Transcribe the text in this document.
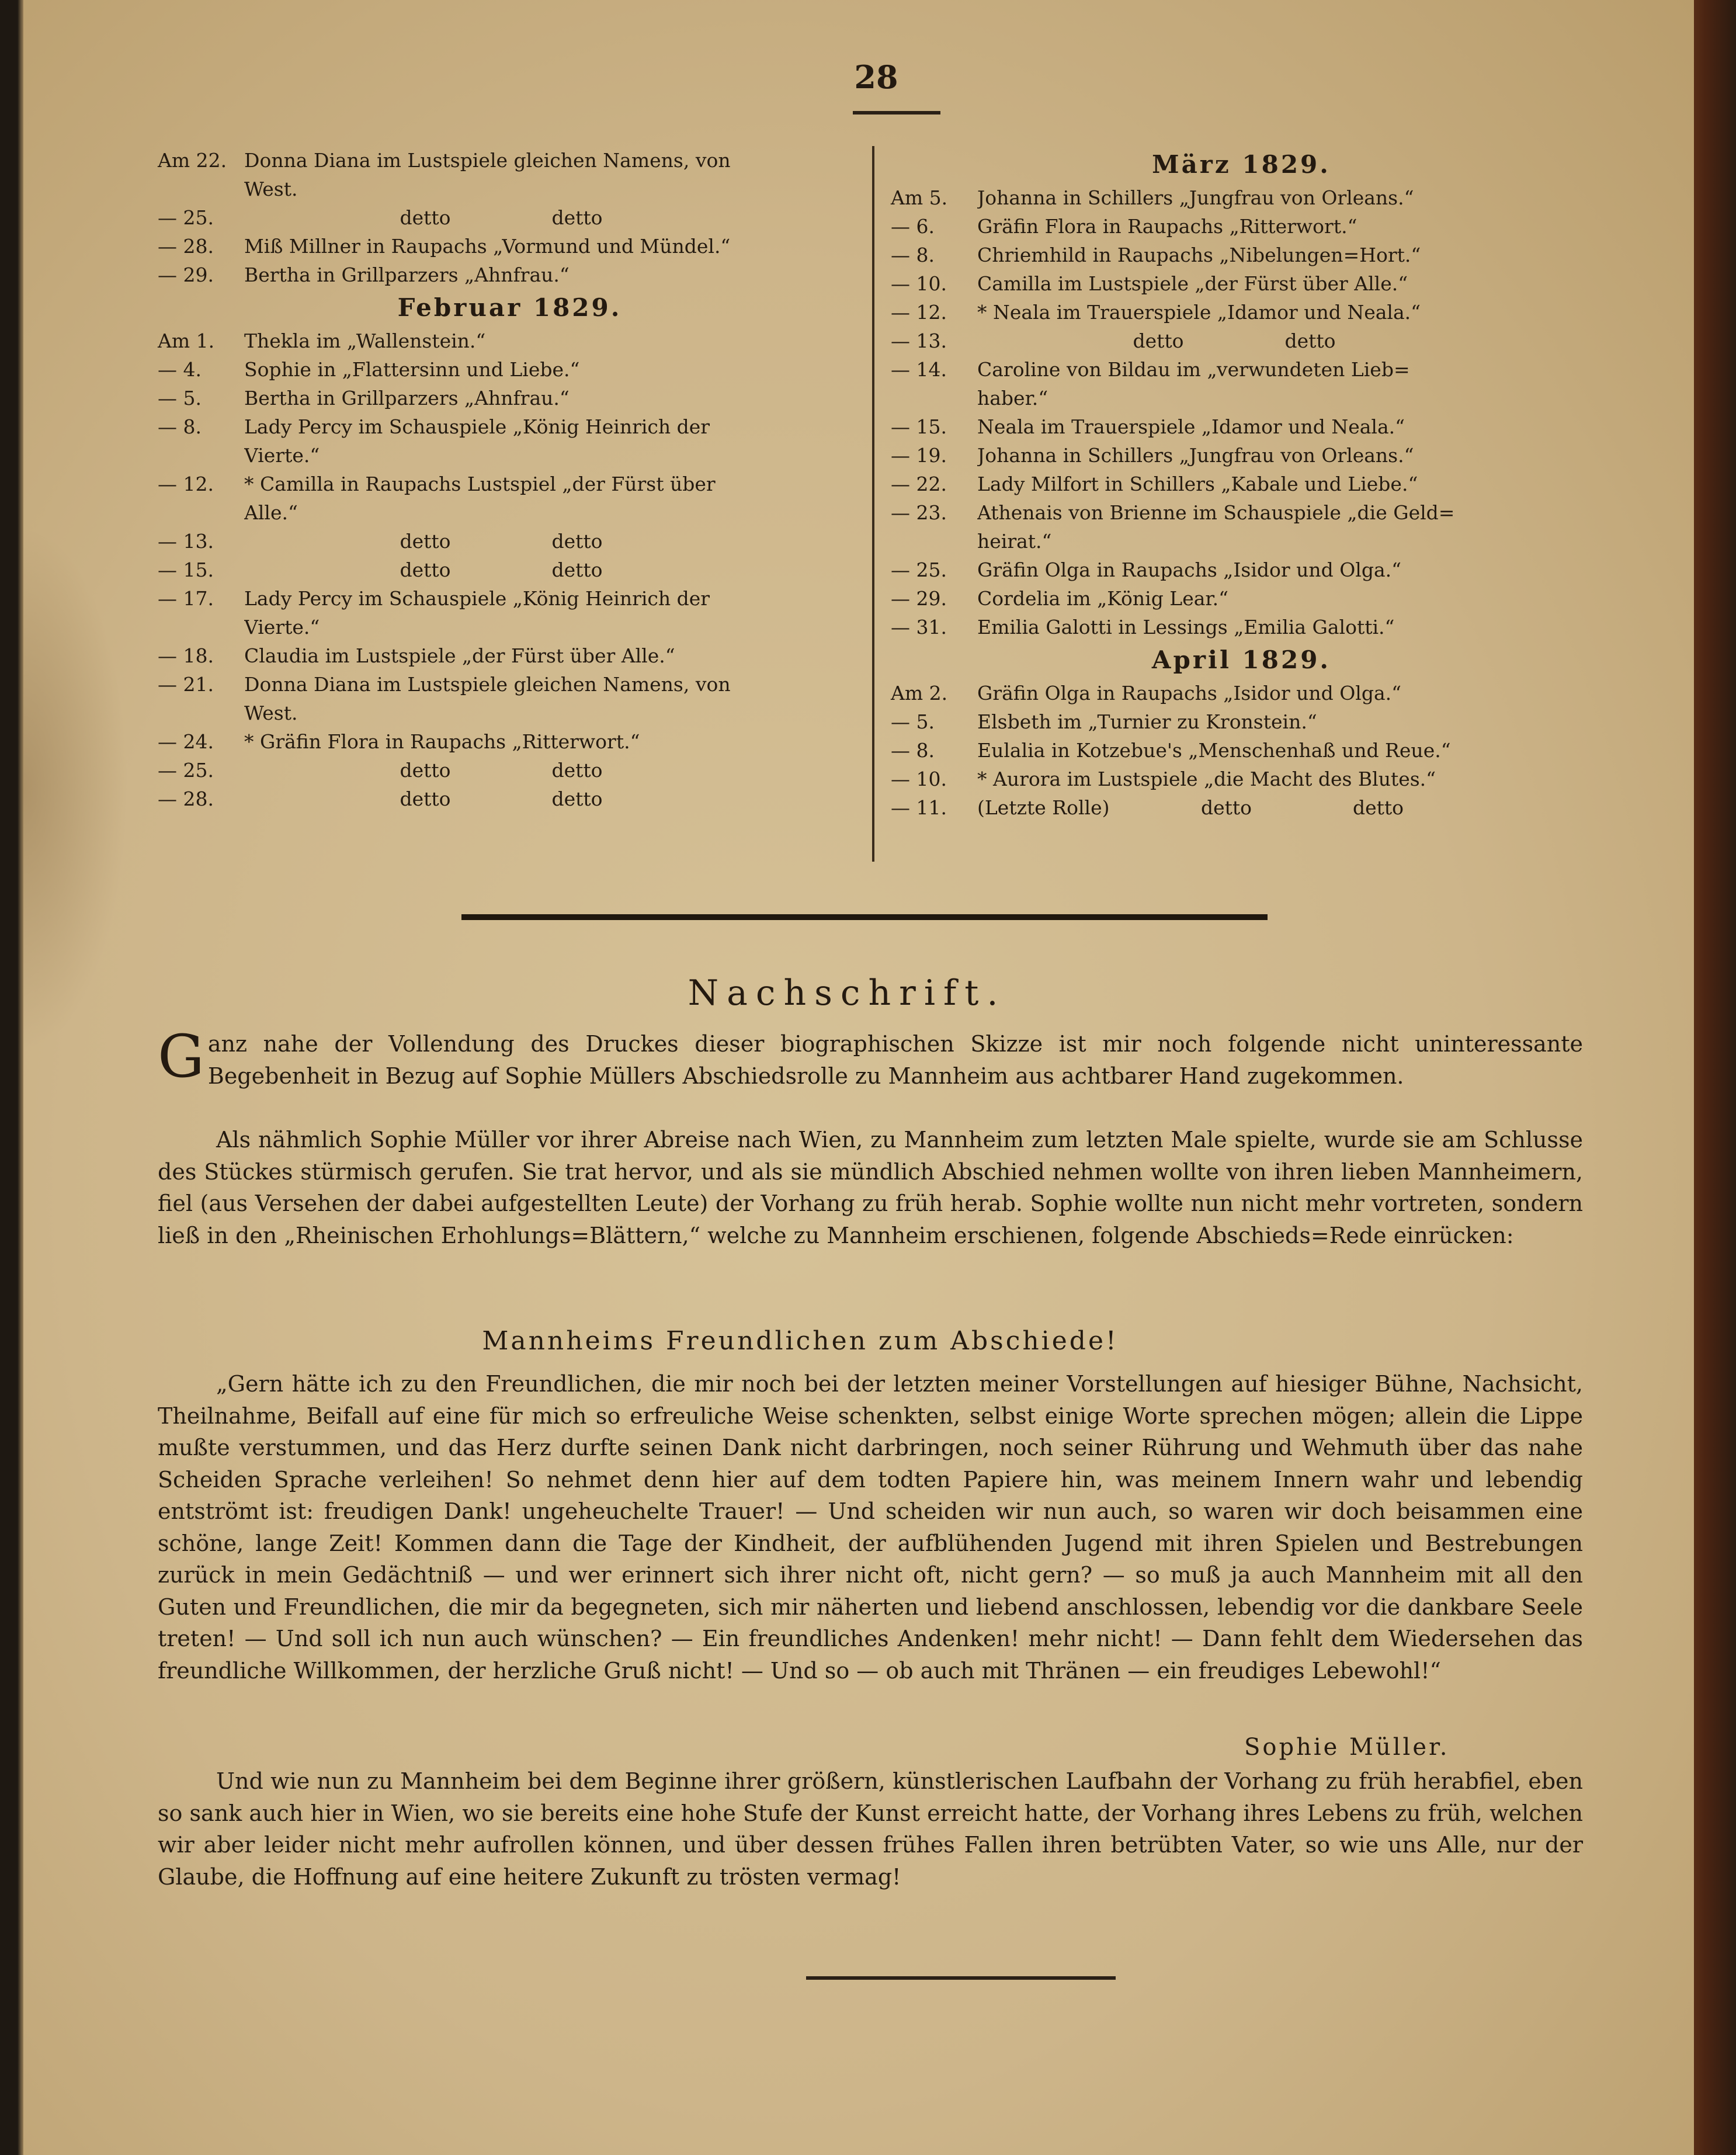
28
Am 22. Donna Diana im Lustspiele gleichen Namens, von
West.
— 25.	detto	detto
— 28.	Miß Millner in Raupachs „Vormund und Mündel.“
— 29.	Bertha in Grillparzers „Ahnfrau.“
Februar 1829.
Am 1.	Thekla im „Wallenstein.“
— 4.	Sophie in „Flattersinn und Liebe.“
— 5.	Bertha in Grillparzers „Ahnfrau.“
— 8.	Lady Percy im Schauspiele „König Heinrich der
Vierte.“
— 12.	* Camilla in Raupachs Lustspiel „der Fürst über
Alle.“
— 13.	detto	detto
— 15.	detto	detto
— 17.	Lady Percy im Schauspiele „König Heinrich der
Vierte.“
— 18.	Claudia im Lustspiele „der Fürst über Alle.“
— 21.	Donna Diana im Lustspiele gleichen Namens, von
West.
— 24.	* Gräfin Flora in Raupachs „Ritterwort.“
— 25.	detto	detto
— 28.	detto	detto
März 1829.
Am 5.	Johanna in Schillers „Jungfrau von Orleans.“
— 6.	Gräfin Flora in Raupachs „Ritterwort.“
— 8.	Chriemhild in Raupachs „Nibelungen=Hort.“
— 10.	Camilla im Lustspiele „der Fürst über Alle.“
— 12.	* Neala im Trauerspiele „Idamor und Neala.“
— 13.	detto	detto
— 14.	Caroline von Bildau im „verwundeten Lieb=
haber.“
— 15.	Neala im Trauerspiele „Idamor und Neala.“
— 19.	Johanna in Schillers „Jungfrau von Orleans.“
— 22.	Lady Milfort in Schillers „Kabale und Liebe.“
— 23.	Athenais von Brienne im Schauspiele „die Geld=
heirat.“
— 25.	Gräfin Olga in Raupachs „Isidor und Olga.“
— 29.	Cordelia im „König Lear.“
— 31.	Emilia Galotti in Lessings „Emilia Galotti.“
April 1829.
Am 2.	Gräfin Olga in Raupachs „Isidor und Olga.“
— 5.	Elsbeth im „Turnier zu Kronstein.“
— 8.	Eulalia in Kotzebue's „Menschenhaß und Reue.“
— 10.	* Aurora im Lustspiele „die Macht des Blutes.“
— 11.	(Letzte Rolle)	detto	detto
Nachschrift.

G anz nahe der Vollendung des Druckes dieser biographischen Skizze ist mir noch folgende nicht uninteressante Begebenheit in Bezug auf Sophie Müllers Abschiedsrolle zu Mannheim aus achtbarer Hand zugekommen.

Als nähmlich Sophie Müller vor ihrer Abreise nach Wien, zu Mannheim zum letzten Male spielte, wurde sie am Schlusse des Stückes stürmisch gerufen. Sie trat hervor, und als sie mündlich Abschied nehmen wollte von ihren lieben Mannheimern, fiel (aus Versehen der dabei aufgestellten Leute) der Vorhang zu früh herab. Sophie wollte nun nicht mehr vortreten, sondern ließ in den „Rheinischen Erhohlungs=Blättern,“ welche zu Mannheim erschienen, folgende Abschieds=Rede einrücken:

Mannheims Freundlichen zum Abschiede!

„Gern hätte ich zu den Freundlichen, die mir noch bei der letzten meiner Vorstellungen auf hiesiger Bühne, Nachsicht, Theilnahme, Beifall auf eine für mich so erfreuliche Weise schenkten, selbst einige Worte sprechen mögen; allein die Lippe mußte verstummen, und das Herz durfte seinen Dank nicht darbringen, noch seiner Rührung und Wehmuth über das nahe Scheiden Sprache verleihen! So nehmet denn hier auf dem todten Papiere hin, was meinem Innern wahr und lebendig entströmt ist: freudigen Dank! ungeheuchelte Trauer! — Und scheiden wir nun auch, so waren wir doch beisammen eine schöne, lange Zeit! Kommen dann die Tage der Kindheit, der aufblühenden Jugend mit ihren Spielen und Bestrebungen zurück in mein Gedächtniß — und wer erinnert sich ihrer nicht oft, nicht gern? — so muß ja auch Mannheim mit all den Guten und Freundlichen, die mir da begegneten, sich mir näherten und liebend anschlossen, lebendig vor die dankbare Seele treten! — Und soll ich nun auch wünschen? — Ein freundliches Andenken! mehr nicht! — Dann fehlt dem Wiedersehen das freundliche Willkommen, der herzliche Gruß nicht! — Und so — ob auch mit Thränen — ein freudiges Lebewohl!“

Sophie Müller.

Und wie nun zu Mannheim bei dem Beginne ihrer größern, künstlerischen Laufbahn der Vorhang zu früh herabfiel, eben so sank auch hier in Wien, wo sie bereits eine hohe Stufe der Kunst erreicht hatte, der Vorhang ihres Lebens zu früh, welchen wir aber leider nicht mehr aufrollen können, und über dessen frühes Fallen ihren betrübten Vater, so wie uns Alle, nur der Glaube, die Hoffnung auf eine heitere Zukunft zu trösten vermag!
